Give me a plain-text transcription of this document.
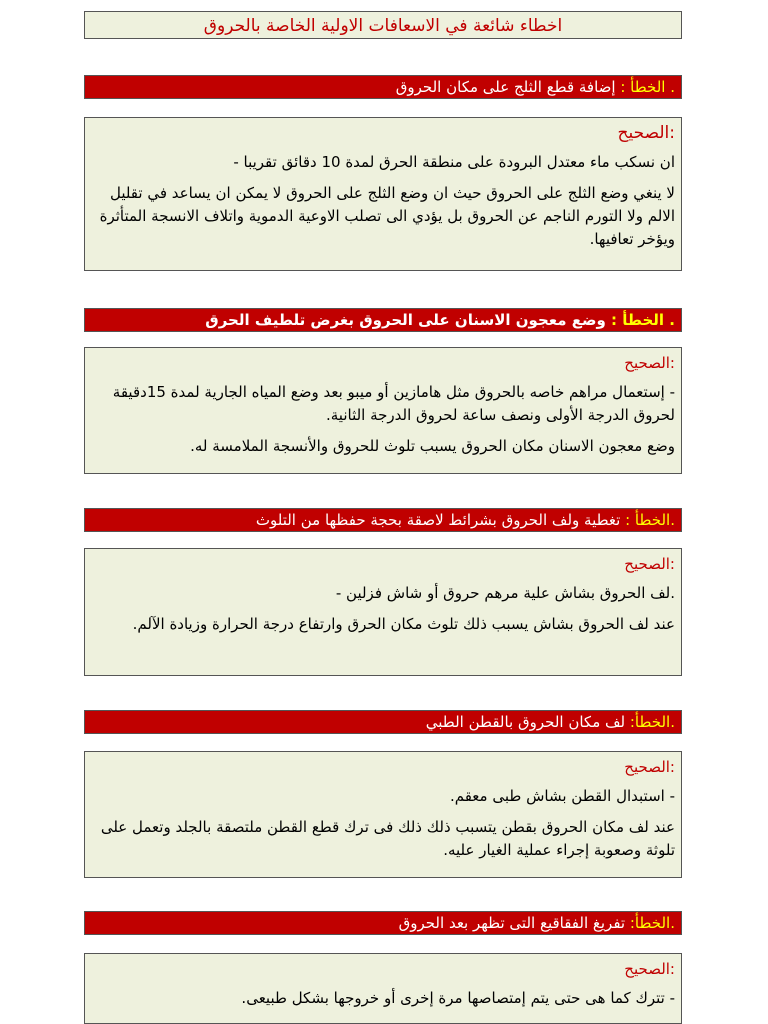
اخطاء شائعة في الاسعافات الاولية الخاصة بالحروق
. الخطأ : إضافة قطع الثلج على مكان الحروق
:الصحيح

ان نسكب ماء معتدل البرودة على منطقة الحرق لمدة 10 دقائق تقريبا -

لا ينغي وضع الثلج على الحروق حيث ان وضع الثلج على الحروق لا يمكن ان يساعد في تقليل الالم ولا التورم الناجم عن الحروق بل يؤدي الى تصلب الاوعية الدموية واتلاف الانسجة المتأثرة ويؤخر تعافيها.

. الخطأ : وضع معجون الاسنان على الحروق بغرض تلطيف الحرق
:الصحيح

- إستعمال مراهم خاصه بالحروق مثل هامازين أو ميبو بعد وضع المياه الجارية لمدة 15دقيقة لحروق الدرجة الأولى ونصف ساعة لحروق الدرجة الثانية.

وضع معجون الاسنان مكان الحروق يسبب تلوث للحروق والأنسجة الملامسة له.

.الخطأ : تغطية ولف الحروق بشرائط لاصقة بحجة حفظها من التلوث
:الصحيح

.لف الحروق بشاش علية مرهم حروق أو شاش فزلين -

عند لف الحروق بشاش يسبب ذلك تلوث مكان الحرق وارتفاع درجة الحرارة وزيادة الآلم.

.الخطأ: لف مكان الحروق بالقطن الطبي
:الصحيح

- استبدال القطن بشاش طبى معقم.

عند لف مكان الحروق بقطن يتسبب ذلك ذلك فى ترك قطع القطن ملتصقة بالجلد وتعمل على تلوثة وصعوبة إجراء عملية الغيار عليه.

.الخطأ: تفريغ الفقاقيع التى تظهر بعد الحروق
:الصحيح

- تترك كما هى حتى يتم إمتصاصها مرة إخرى أو خروجها بشكل طبيعى.
